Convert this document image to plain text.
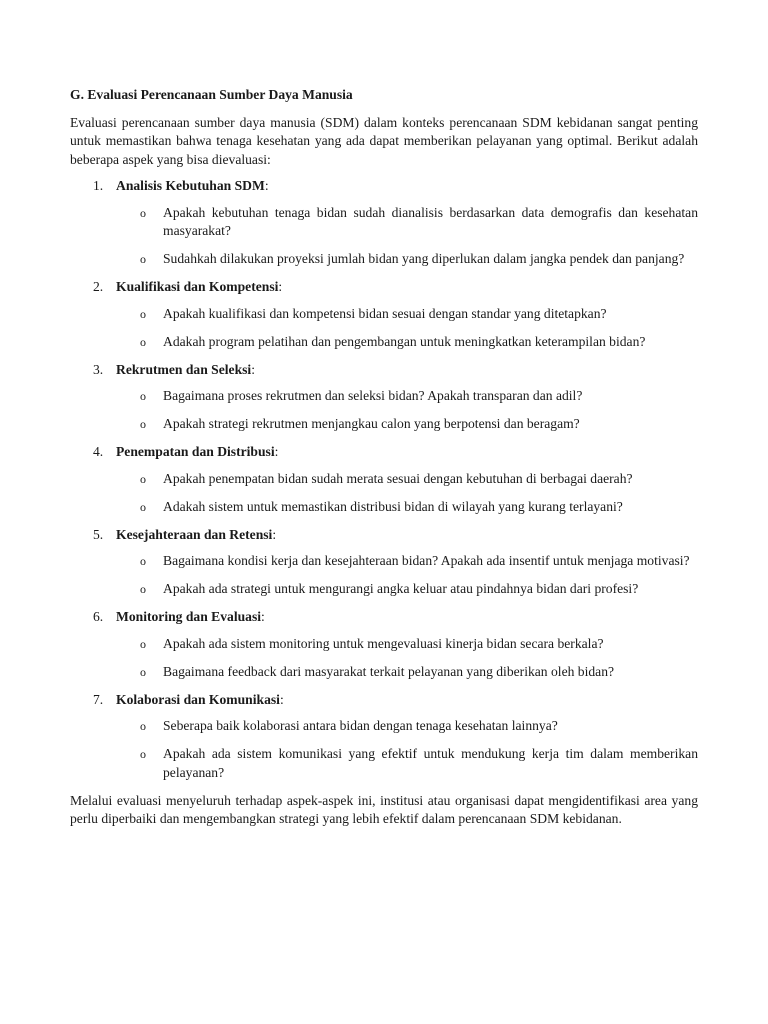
G. Evaluasi Perencanaan Sumber Daya Manusia

Evaluasi perencanaan sumber daya manusia (SDM) dalam konteks perencanaan SDM kebidanan sangat penting untuk memastikan bahwa tenaga kesehatan yang ada dapat memberikan pelayanan yang optimal. Berikut adalah beberapa aspek yang bisa dievaluasi:

1. Analisis Kebutuhan SDM:

o Apakah kebutuhan tenaga bidan sudah dianalisis berdasarkan data demografis dan kesehatan masyarakat?
o Sudahkah dilakukan proyeksi jumlah bidan yang diperlukan dalam jangka pendek dan panjang?

2. Kualifikasi dan Kompetensi:

o Apakah kualifikasi dan kompetensi bidan sesuai dengan standar yang ditetapkan?
o Adakah program pelatihan dan pengembangan untuk meningkatkan keterampilan bidan?

3. Rekrutmen dan Seleksi:

o Bagaimana proses rekrutmen dan seleksi bidan? Apakah transparan dan adil?
o Apakah strategi rekrutmen menjangkau calon yang berpotensi dan beragam?

4. Penempatan dan Distribusi:

o Apakah penempatan bidan sudah merata sesuai dengan kebutuhan di berbagai daerah?
o Adakah sistem untuk memastikan distribusi bidan di wilayah yang kurang terlayani?

5. Kesejahteraan dan Retensi:

o Bagaimana kondisi kerja dan kesejahteraan bidan? Apakah ada insentif untuk menjaga motivasi?
o Apakah ada strategi untuk mengurangi angka keluar atau pindahnya bidan dari profesi?

6. Monitoring dan Evaluasi:

o Apakah ada sistem monitoring untuk mengevaluasi kinerja bidan secara berkala?
o Bagaimana feedback dari masyarakat terkait pelayanan yang diberikan oleh bidan?

7. Kolaborasi dan Komunikasi:

o Seberapa baik kolaborasi antara bidan dengan tenaga kesehatan lainnya?
o Apakah ada sistem komunikasi yang efektif untuk mendukung kerja tim dalam memberikan pelayanan?

Melalui evaluasi menyeluruh terhadap aspek-aspek ini, institusi atau organisasi dapat mengidentifikasi area yang perlu diperbaiki dan mengembangkan strategi yang lebih efektif dalam perencanaan SDM kebidanan.
